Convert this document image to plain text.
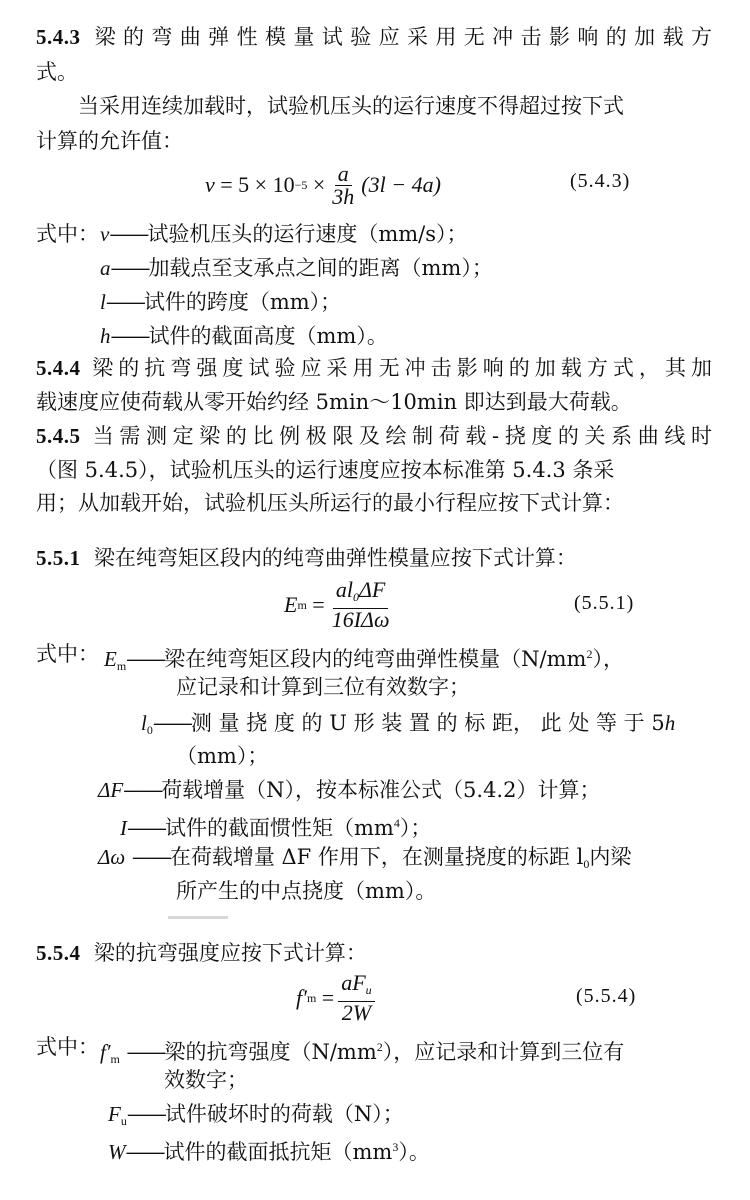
5.4.3 梁的弯曲弹性模量试验应采用无冲击影响的加载方
式。
当采用连续加载时，试验机压头的运行速度不得超过按下式
计算的允许值：
v
= 5 × 10 −5
× $\frac{a}{3h} (3l - 4a)$	(5.4.3)
式中： v——试验机压头的运行速度（mm/s）；
a——加载点至支承点之间的距离（mm）；
l——试件的跨度（mm）；
h——试件的截面高度（mm）。
5.4.4 梁的抗弯强度试验应采用无冲击影响的加载方式，其加
载速度应使荷载从零开始约经 5min～10min 即达到最大荷载。
5.4.5 当需测定梁的比例极限及绘制荷载-挠度的关系曲线时
（图 5.4.5），试验机压头的运行速度应按本标准第 5.4.3 条采
用；从加载开始，试验机压头所运行的最小行程应按下式计算：
5.5.1 梁在纯弯矩区段内的纯弯曲弹性模量应按下式计算：
E m
= $\frac{al_0\Delta F}{\text{16IΔω}}$	(5.5.1)
式中： $E_m——$梁在纯弯矩区段内的纯弯曲弹性模量$(N/mm^2)$，
应记录和计算到三位有效数字；
$l_0——$测 量 挠 度 的 U 形 装 置 的 标 距， 此 处 等 于 5h
（mm）；
ΔF——荷载增量（N），按本标准公式（5.4.2）计算；
I——试件的截面惯性矩$(mm^4)$；
Δω ——在荷载增量 ΔF 作用下，在测量挠度的标距 $l_0$内梁
所产生的中点挠度（mm）。
5.5.4 梁的抗弯强度应按下式计算：
f′ m
= $\frac{aF_u}{2W}$	(5.5.4)
式中： $f'_m$ ——梁的抗弯强度$(N/mm^2)$，应记录和计算到三位有
效数字；
$F_u——$试件破坏时的荷载（N）；
W——试件的截面抵抗矩$(mm^3)$。
